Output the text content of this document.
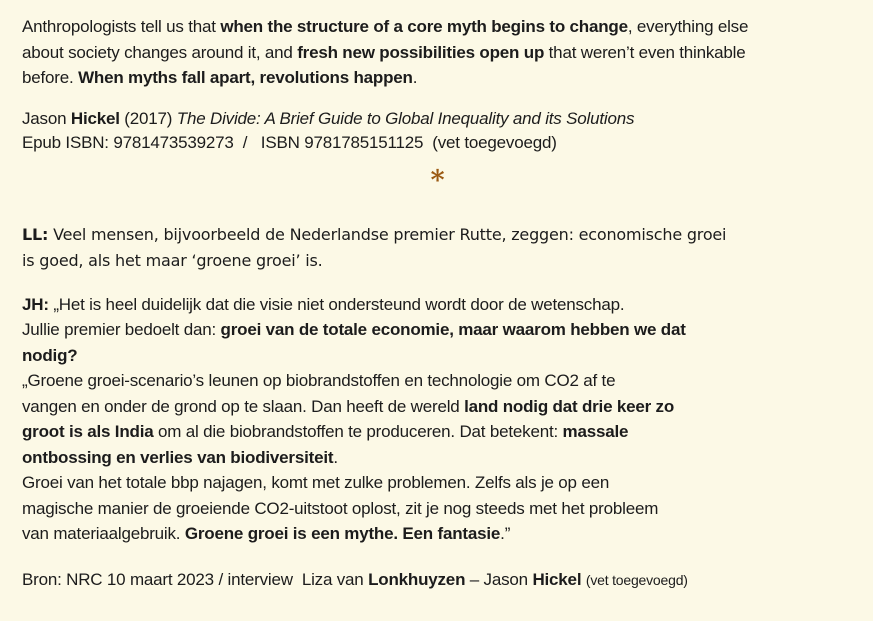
Anthropologists tell us that when the structure of a core myth begins to change, everything else
about society changes around it, and fresh new possibilities open up that weren’t even thinkable
before. When myths fall apart, revolutions happen.

Jason Hickel (2017) The Divide: A Brief Guide to Global Inequality and its Solutions
Epub ISBN: 9781473539273  /   ISBN 9781785151125  (vet toegevoegd)

*

LL: Veel mensen, bijvoorbeeld de Nederlandse premier Rutte, zeggen: economische groei
is goed, als het maar ‘groene groei’ is.

JH: „Het is heel duidelijk dat die visie niet ondersteund wordt door de wetenschap.
Jullie premier bedoelt dan: groei van de totale economie, maar waarom hebben we dat
nodig?
„Groene groei-scenario’s leunen op biobrandstoffen en technologie om CO2 af te
vangen en onder de grond op te slaan. Dan heeft de wereld land nodig dat drie keer zo
groot is als India om al die biobrandstoffen te produceren. Dat betekent: massale
ontbossing en verlies van biodiversiteit.
Groei van het totale bbp najagen, komt met zulke problemen. Zelfs als je op een
magische manier de groeiende CO2-uitstoot oplost, zit je nog steeds met het probleem
van materiaalgebruik. Groene groei is een mythe. Een fantasie.”

Bron: NRC 10 maart 2023 / interview  Liza van Lonkhuyzen – Jason Hickel (vet toegevoegd)
